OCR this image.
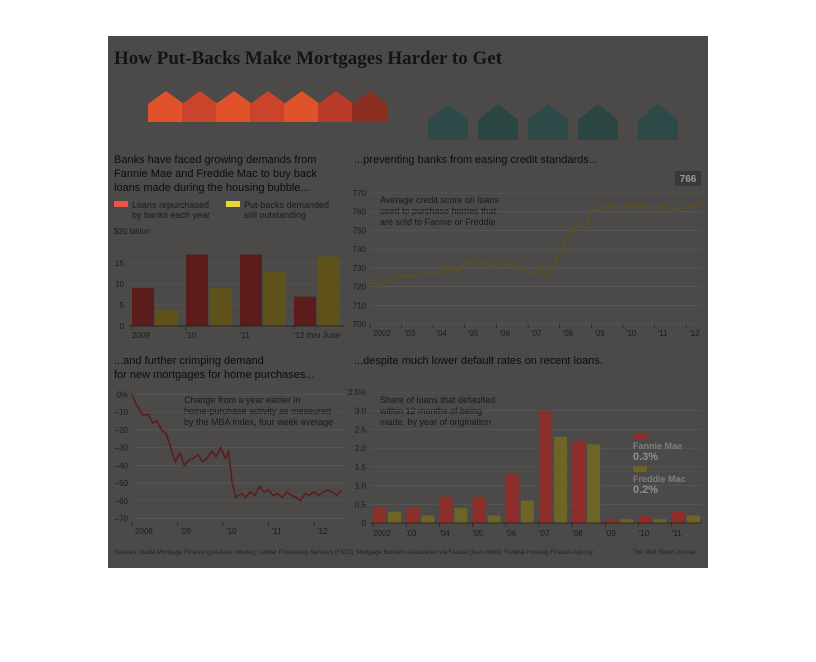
How Put-Backs Make Mortgages Harder to Get
Banks have faced growing demands from
Fannie Mae and Freddie Mac to buy back
loans made during the housing bubble...
Loans repurchased
by banks each year
Put-backs demanded
still outstanding
$20 billion
0
5
10
15
2009	'10	'11	'12 thru June
...preventing banks from easing credit standards...
Average credit score on loans
used to purchase homes that
are sold to Fannie or Freddie
700
710
720
730
740
750
760
770
2002 '03	'04	'05	'06	'07	'08	'09	'10	'11	'12
766
...and further crimping demand
for new mortgages for home purchases...
Change from a year earlier in
home-purchase activity as measured
by the MBA index, four week average
0%
–10
–20
–30
–40
–50
–60
–70
2008	'09	'10	'11	'12
...despite much lower default rates on recent loans.
Share of loans that defaulted
within 12 months of being
made, by year of origination
0
0.5
1.0
1.5
2.0
2.5
3.0
3.5%
2002 '03	'04	'05	'06	'07	'08	'09	'10	'11
Fannie Mae
0.3%
Freddie Mac
0.2%
Sources: Inside Mortgage Finance (put-back volume); Lender Processing Services (FICO); Mortgage Bankers Association via Factset (loan index); Federal Housing Finance Agency	The Wall Street Journal
